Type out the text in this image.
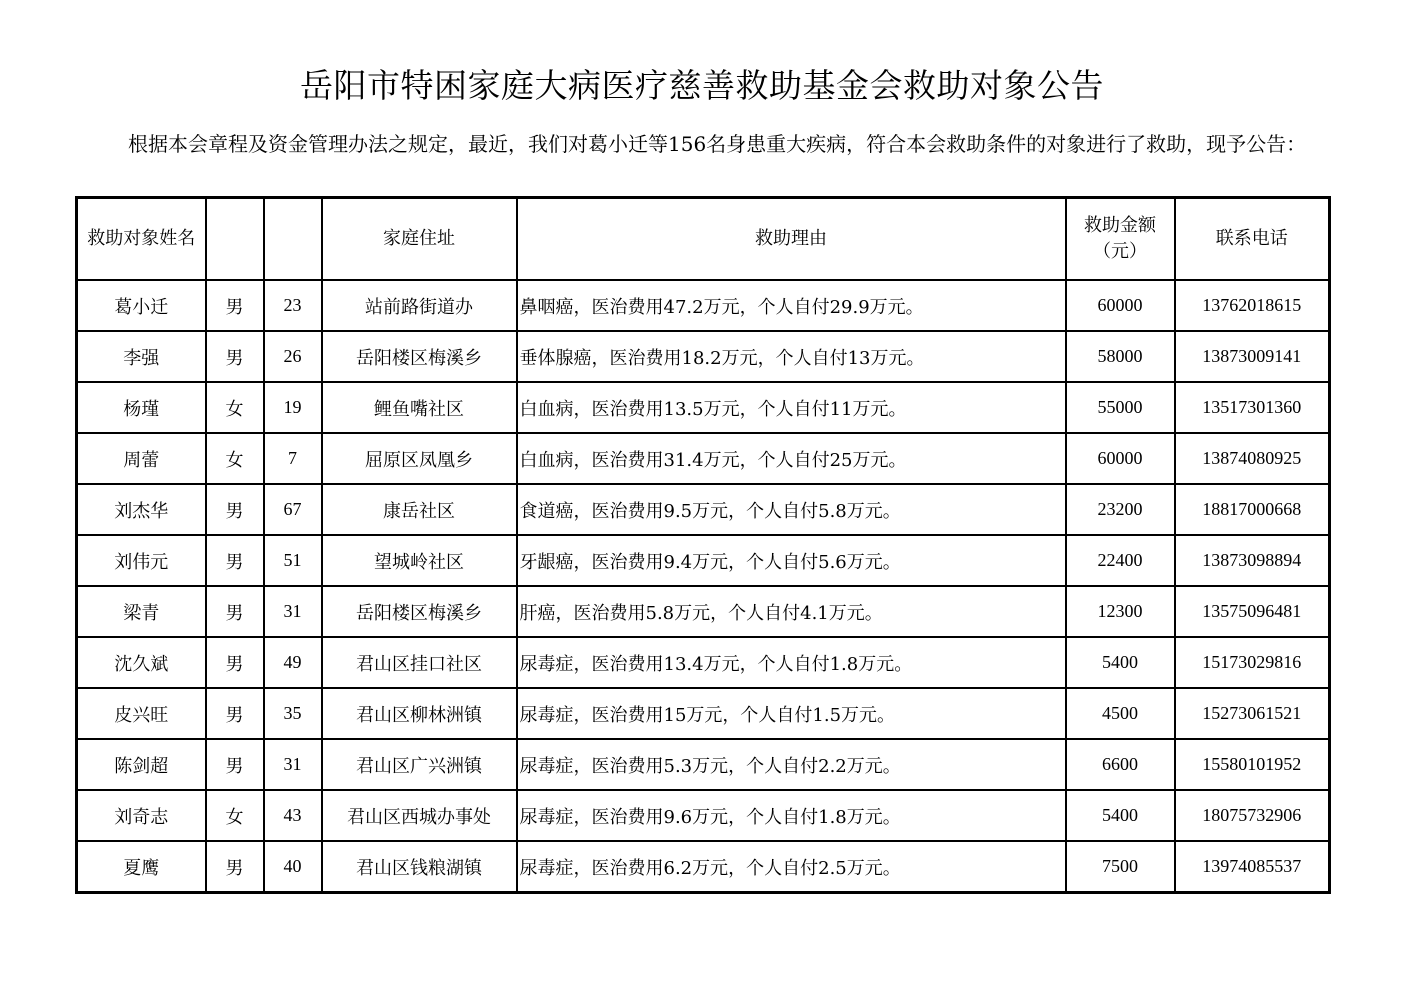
岳阳市特困家庭大病医疗慈善救助基金会救助对象公告
根据本会章程及资金管理办法之规定，最近，我们对葛小迁等156名身患重大疾病，符合本会救助条件的对象进行了救助，现予公告：
救助对象姓名			家庭住址	救助理由	救助金额（元）	联系电话
葛小迁	男	23	站前路街道办	鼻咽癌，医治费用47.2万元，个人自付29.9万元。	60000	13762018615
李强	男	26	岳阳楼区梅溪乡	垂体腺癌，医治费用18.2万元，个人自付13万元。	58000	13873009141
杨瑾	女	19	鲤鱼嘴社区	白血病，医治费用13.5万元，个人自付11万元。	55000	13517301360
周蕾	女	7	屈原区凤凰乡	白血病，医治费用31.4万元，个人自付25万元。	60000	13874080925
刘杰华	男	67	康岳社区	食道癌，医治费用9.5万元，个人自付5.8万元。	23200	18817000668
刘伟元	男	51	望城岭社区	牙龈癌，医治费用9.4万元，个人自付5.6万元。	22400	13873098894
梁青	男	31	岳阳楼区梅溪乡	肝癌，医治费用5.8万元，个人自付4.1万元。	12300	13575096481
沈久斌	男	49	君山区挂口社区	尿毒症，医治费用13.4万元，个人自付1.8万元。	5400	15173029816
皮兴旺	男	35	君山区柳林洲镇	尿毒症，医治费用15万元，个人自付1.5万元。	4500	15273061521
陈剑超	男	31	君山区广兴洲镇	尿毒症，医治费用5.3万元，个人自付2.2万元。	6600	15580101952
刘奇志	女	43	君山区西城办事处	尿毒症，医治费用9.6万元，个人自付1.8万元。	5400	18075732906
夏鹰	男	40	君山区钱粮湖镇	尿毒症，医治费用6.2万元，个人自付2.5万元。	7500	13974085537
